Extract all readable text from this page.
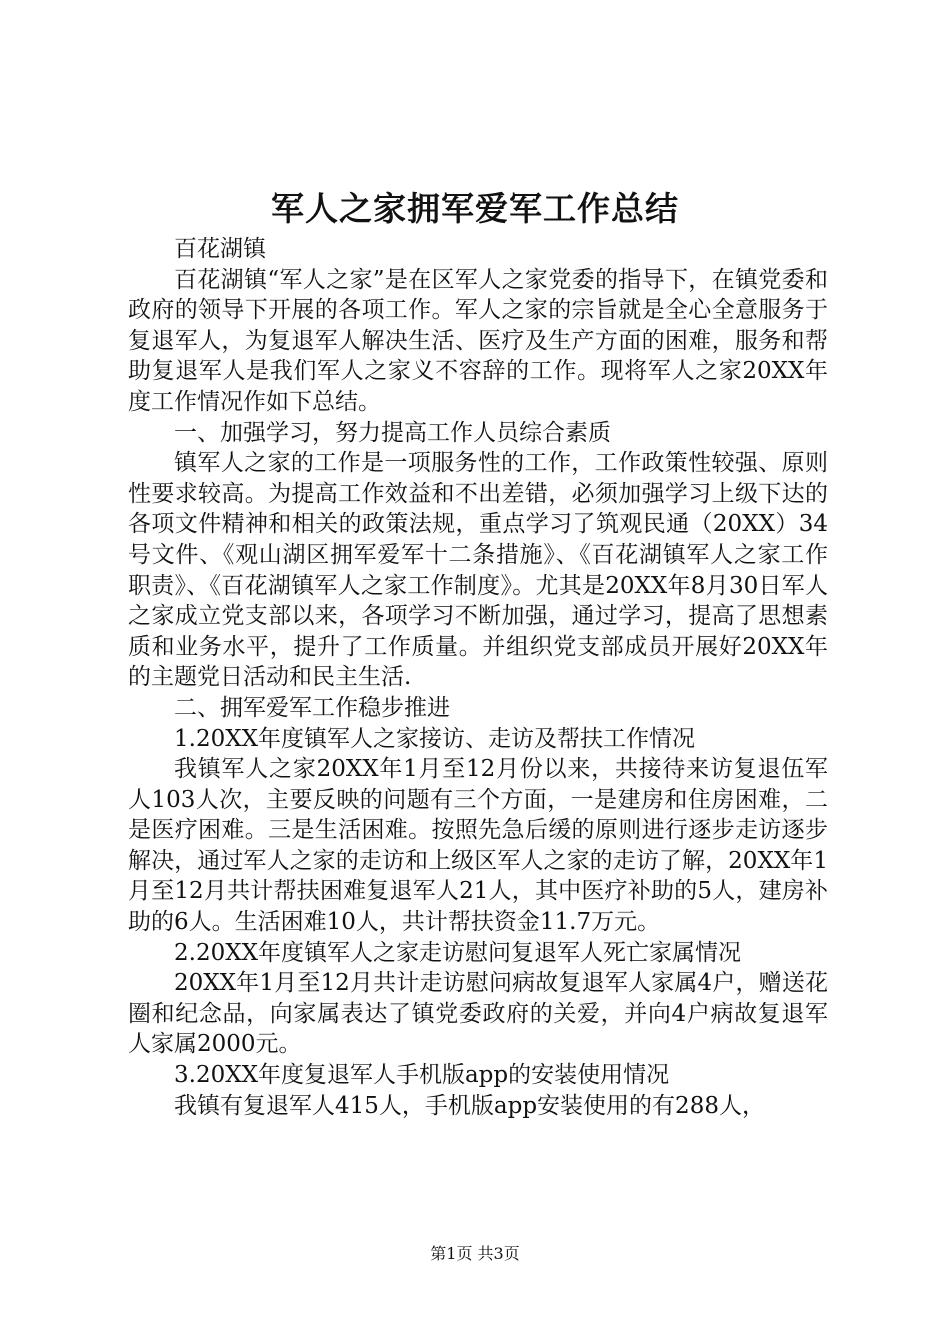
军人之家拥军爱军工作总结

百花湖镇

百花湖镇“军人之家”是在区军人之家党委的指导下，在镇党委和政府的领导下开展的各项工作。军人之家的宗旨就是全心全意服务于复退军人，为复退军人解决生活、医疗及生产方面的困难，服务和帮助复退军人是我们军人之家义不容辞的工作。现将军人之家20XX年度工作情况作如下总结。

一、加强学习，努力提高工作人员综合素质

镇军人之家的工作是一项服务性的工作，工作政策性较强、原则性要求较高。为提高工作效益和不出差错，必须加强学习上级下达的各项文件精神和相关的政策法规，重点学习了筑观民通（20XX）34号文件、《观山湖区拥军爱军十二条措施》、《百花湖镇军人之家工作职责》、《百花湖镇军人之家工作制度》。尤其是20XX年8月30日军人之家成立党支部以来，各项学习不断加强，通过学习，提高了思想素质和业务水平，提升了工作质量。并组织党支部成员开展好20XX年的主题党日活动和民主生活.

二、拥军爱军工作稳步推进

1.20XX年度镇军人之家接访、走访及帮扶工作情况

我镇军人之家20XX年1月至12月份以来，共接待来访复退伍军人103人次，主要反映的问题有三个方面，一是建房和住房困难，二是医疗困难。三是生活困难。按照先急后缓的原则进行逐步走访逐步解决，通过军人之家的走访和上级区军人之家的走访了解，20XX年1月至12月共计帮扶困难复退军人21人，其中医疗补助的5人，建房补助的6人。生活困难10人，共计帮扶资金11.7万元。

2.20XX年度镇军人之家走访慰问复退军人死亡家属情况

20XX年1月至12月共计走访慰问病故复退军人家属4户，赠送花圈和纪念品，向家属表达了镇党委政府的关爱，并向4户病故复退军人家属2000元。

3.20XX年度复退军人手机版app的安装使用情况

我镇有复退军人415人，手机版app安装使用的有288人，

第1页 共3页
